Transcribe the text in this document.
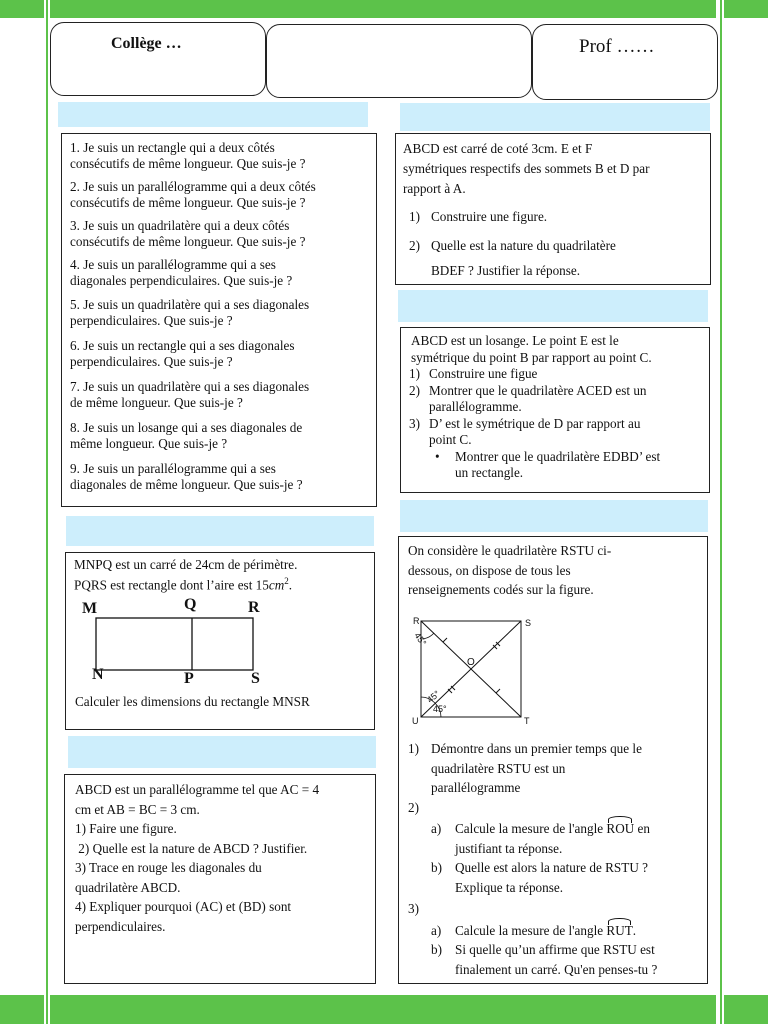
Collège …	Prof ……
1. Je suis un rectangle qui a deux côtés
consécutifs de même longueur. Que suis-je ?
2. Je suis un parallélogramme qui a deux côtés
consécutifs de même longueur. Que suis-je ?
3. Je suis un quadrilatère qui a deux côtés
consécutifs de même longueur. Que suis-je ?
4. Je suis un parallélogramme qui a ses
diagonales perpendiculaires. Que suis-je ?
5. Je suis un quadrilatère qui a ses diagonales
perpendiculaires. Que suis-je ?
6. Je suis un rectangle qui a ses diagonales
perpendiculaires. Que suis-je ?
7. Je suis un quadrilatère qui a ses diagonales
de même longueur. Que suis-je ?
8. Je suis un losange qui a ses diagonales de
même longueur. Que suis-je ?
9. Je suis un parallélogramme qui a ses
diagonales de même longueur. Que suis-je ?
ABCD est carré de coté 3cm. E et F
symétriques respectifs des sommets B et D par
rapport à A.
1) Construire une figure.
2) Quelle est la nature du quadrilatère
BDEF ? Justifier la réponse.
ABCD est un losange. Le point E est le
symétrique du point B par rapport au point C.
1) Construire une figue
2) Montrer que le quadrilatère ACED est un
parallélogramme.
3) D’ est le symétrique de D par rapport au
point C.
•	Montrer que le quadrilatère EDBD’ est
un rectangle.
MNPQ est un carré de 24cm de périmètre.
PQRS est rectangle dont l’aire est $15cm^2$.
M	Q	R
N	P	S
Calculer les dimensions du rectangle MNSR
ABCD est un parallélogramme tel que AC = 4
cm et AB = BC = 3 cm.
1) Faire une figure.
2) Quelle est la nature de ABCD ? Justifier.
3) Trace en rouge les diagonales du
quadrilatère ABCD.
4) Expliquer pourquoi (AC) et (BD) sont
perpendiculaires.
On considère le quadrilatère RSTU ci-
dessous, on dispose de tous les
renseignements codés sur la figure.
R	S
U	T
O
45°
45°
45°
1) Démontre dans un premier temps que le
quadrilatère RSTU est un
parallélogramme
2)
a)	Calcule la mesure de l'angle ROU
en
justifiant ta réponse.
b) Quelle est alors la nature de RSTU ?
Explique ta réponse.
3)
a)	Calcule la mesure de l'angle RUT
.
b) Si quelle qu’un affirme que RSTU est
finalement un carré. Qu'en penses-tu ?
